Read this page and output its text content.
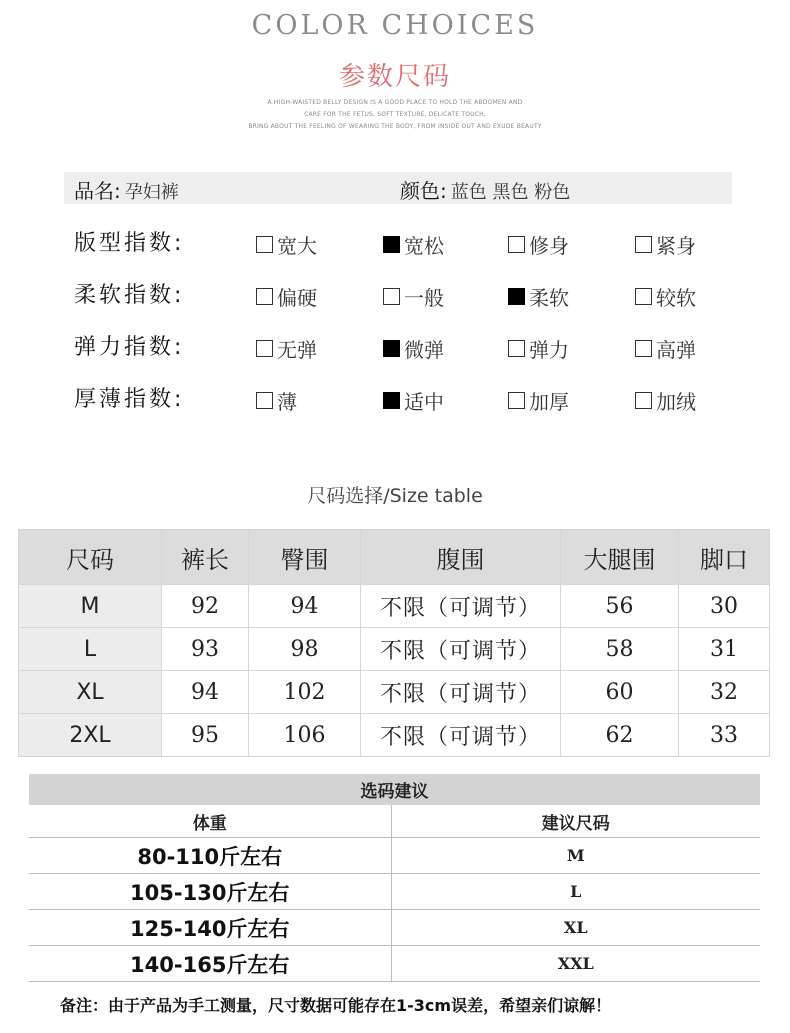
COLOR CHOICES
参数尺码
A HIGH-WAISTED BELLY DESIGN IS A GOOD PLACE TO HOLD THE ABDOMEN AND
CARE FOR THE FETUS, SOFT TEXTURE, DELICATE TOUCH,
BRING ABOUT THE FEELING OF WEARING THE BODY, FROM INSIDE OUT AND EXUDE BEAUTY
品名: 孕妇裤	颜色: 蓝色 黑色 粉色
版型指数:	宽大	宽松	修身	紧身
柔软指数:	偏硬	一般	柔软	较软
弹力指数:	无弹	微弹	弹力	高弹
厚薄指数:	薄	适中	加厚	加绒
尺码选择/Size table
尺码	裤长	臀围	腹围	大腿围	脚口
M	92	94	不限（可调节）	56	30
L	93	98	不限（可调节）	58	31
XL	94	102	不限（可调节）	60	32
2XL	95	106	不限（可调节）	62	33
选码建议	
体重	建议尺码
80-110斤左右	M
105-130斤左右	L
125-140斤左右	XL
140-165斤左右	XXL
备注：由于产品为手工测量，尺寸数据可能存在1-3cm误差，希望亲们谅解！
